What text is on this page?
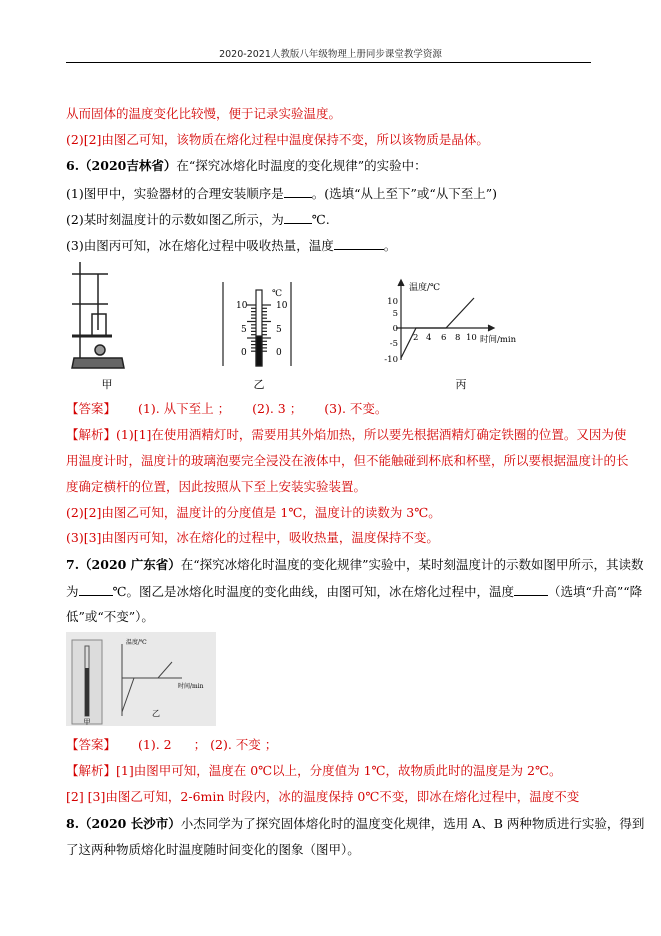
2020-2021人教版八年级物理上册同步课堂教学资源
从而固体的温度变化比较慢，便于记录实验温度。
(2)[2]由图乙可知，该物质在熔化过程中温度保持不变，所以该物质是晶体。
6.（2020吉林省）在“探究冰熔化时温度的变化规律”的实验中：
(1)图甲中，实验器材的合理安装顺序是 。(选填“从上至下”或“从下至上”)
(2)某时刻温度计的示数如图乙所示，为 ℃.
(3)由图丙可知，冰在熔化过程中吸收热量，温度	。
甲
℃
10	10
5	5
0	0
乙
温度/℃
时间/min
10
5
0
-5
-10
2 4 6 8 10
丙
【答案】 (1). 从下至上 ； (2). 3 ； (3). 不变。
【解析】(1)[1]在使用酒精灯时，需要用其外焰加热，所以要先根据酒精灯确定铁圈的位置。又因为使
用温度计时，温度计的玻璃泡要完全浸没在液体中，但不能触碰到杯底和杯壁，所以要根据温度计的长
度确定横杆的位置，因此按照从下至上安装实验装置。
(2)[2]由图乙可知，温度计的分度值是 1℃，温度计的读数为 3℃。
(3)[3]由图丙可知，冰在熔化的过程中，吸收热量，温度保持不变。
7.（2020 广东省）在“探究冰熔化时温度的变化规律”实验中，某时刻温度计的示数如图甲所示，其读数
为	℃。图乙是冰熔化时温度的变化曲线，由图可知，冰在熔化过程中，温度	（选填“升高”“降
低”或“不变”）。
甲
温度/℃
时间/min
乙
【答案】 (1). 2 ； (2). 不变 ；
【解析】[1]由图甲可知，温度在 0℃以上，分度值为 1℃，故物质此时的温度是为 2℃。
[2] [3]由图乙可知，2-6min 时段内，冰的温度保持 0℃不变，即冰在熔化过程中，温度不变
8.（2020 长沙市）小杰同学为了探究固体熔化时的温度变化规律，选用 A、B 两种物质进行实验，得到
了这两种物质熔化时温度随时间变化的图象（图甲）。
